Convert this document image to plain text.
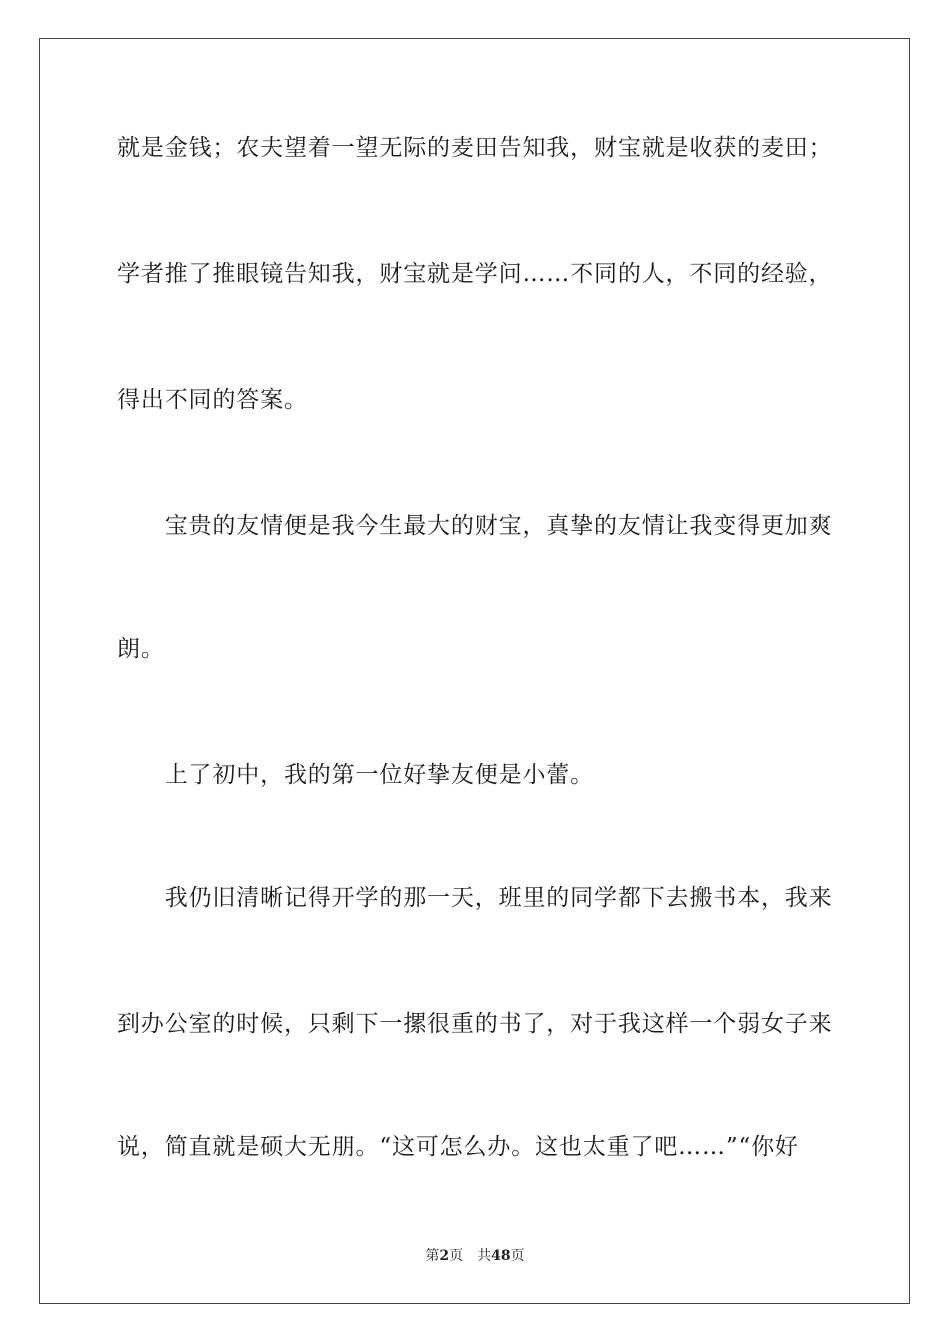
就是金钱；农夫望着一望无际的麦田告知我，财宝就是收获的麦田；
学者推了推眼镜告知我，财宝就是学问……不同的人，不同的经验，
得出不同的答案。
　　宝贵的友情便是我今生最大的财宝，真挚的友情让我变得更加爽
朗。
　　上了初中，我的第一位好挚友便是小蕾。
　　我仍旧清晰记得开学的那一天，班里的同学都下去搬书本，我来
到办公室的时候，只剩下一摞很重的书了，对于我这样一个弱女子来
说，简直就是硕大无朋。“这可怎么办。这也太重了吧……”“你好
第2页 共48页
